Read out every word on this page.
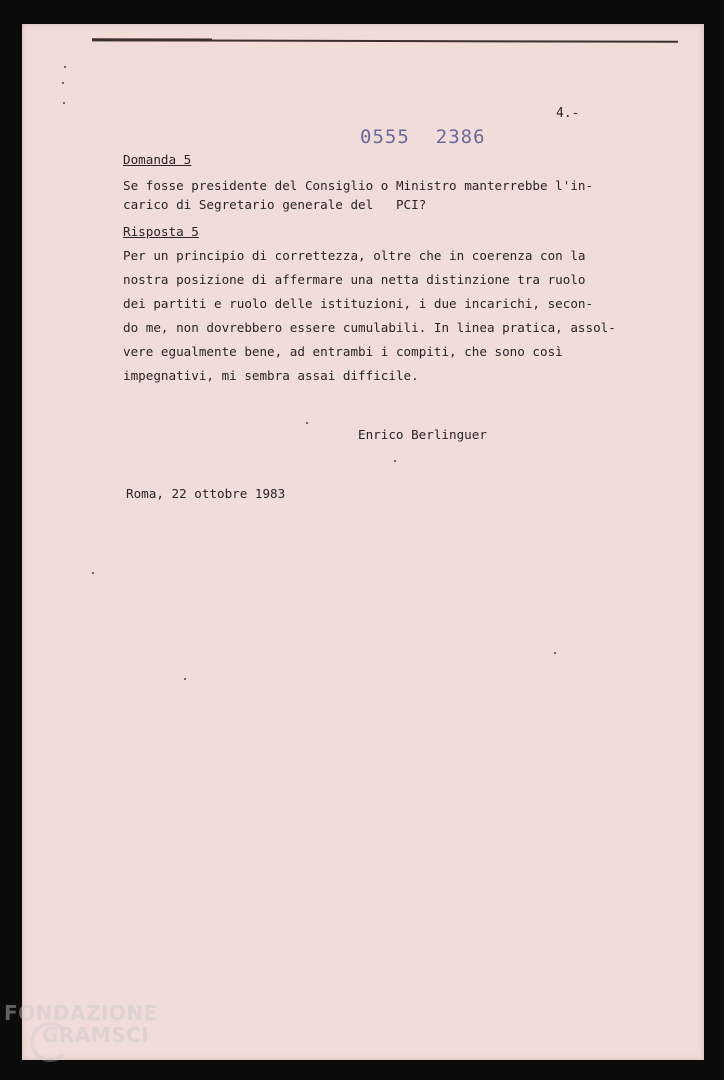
4.-
0555 2386
Domanda 5
Se fosse presidente del Consiglio o Ministro manterrebbe l'in-
carico di Segretario generale del   PCI?
Risposta 5
Per un principio di correttezza, oltre che in coerenza con la
nostra posizione di affermare una netta distinzione tra ruolo
dei partiti e ruolo delle istituzioni, i due incarichi, secon-
do me, non dovrebbero essere cumulabili. In linea pratica, assol-
vere egualmente bene, ad entrambi i compiti, che sono così
impegnativi, mi sembra assai difficile.
Enrico Berlinguer
Roma, 22 ottobre 1983
FONDAZIONE
GRAMSCI
